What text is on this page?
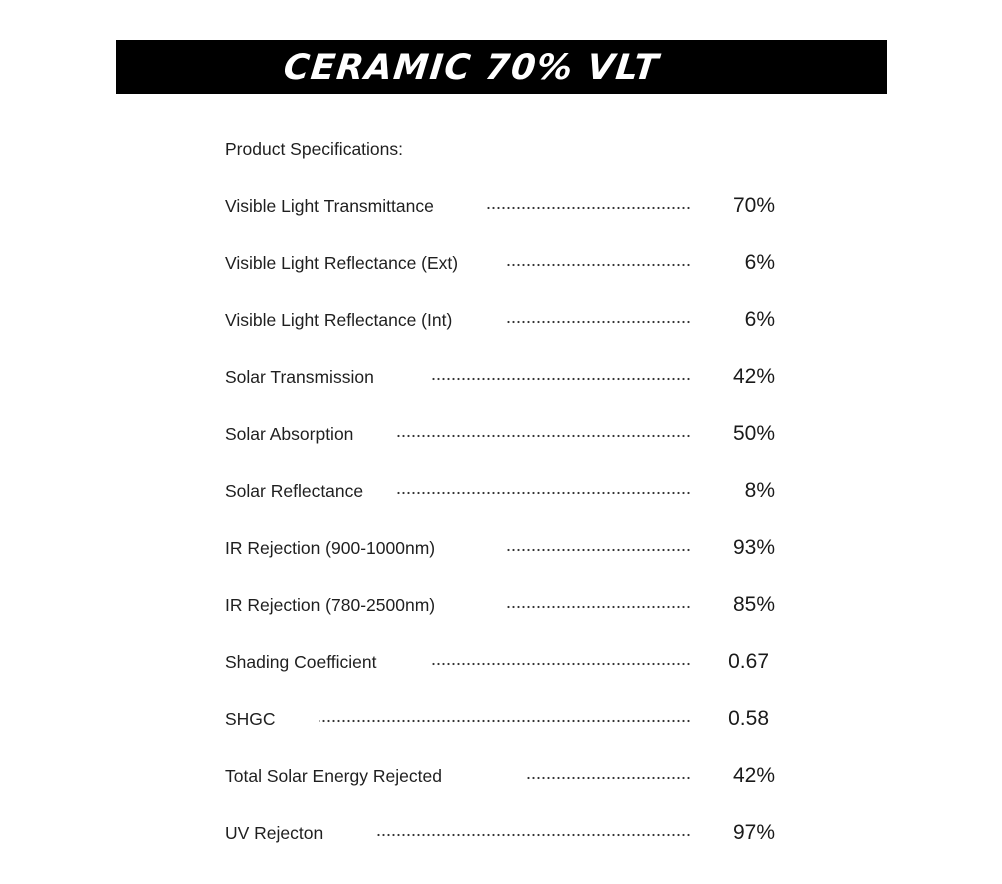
CERAMIC 70% VLT
Product Specifications:
Visible Light Transmittance	70%
Visible Light Reflectance (Ext)	6%
Visible Light Reflectance (Int)	6%
Solar Transmission	42%
Solar Absorption	50%
Solar Reflectance	8%
IR Rejection (900-1000nm)	93%
IR Rejection (780-2500nm)	85%
Shading Coefficient	0.67
SHGC	0.58
Total Solar Energy Rejected	42%
UV Rejecton	97%
